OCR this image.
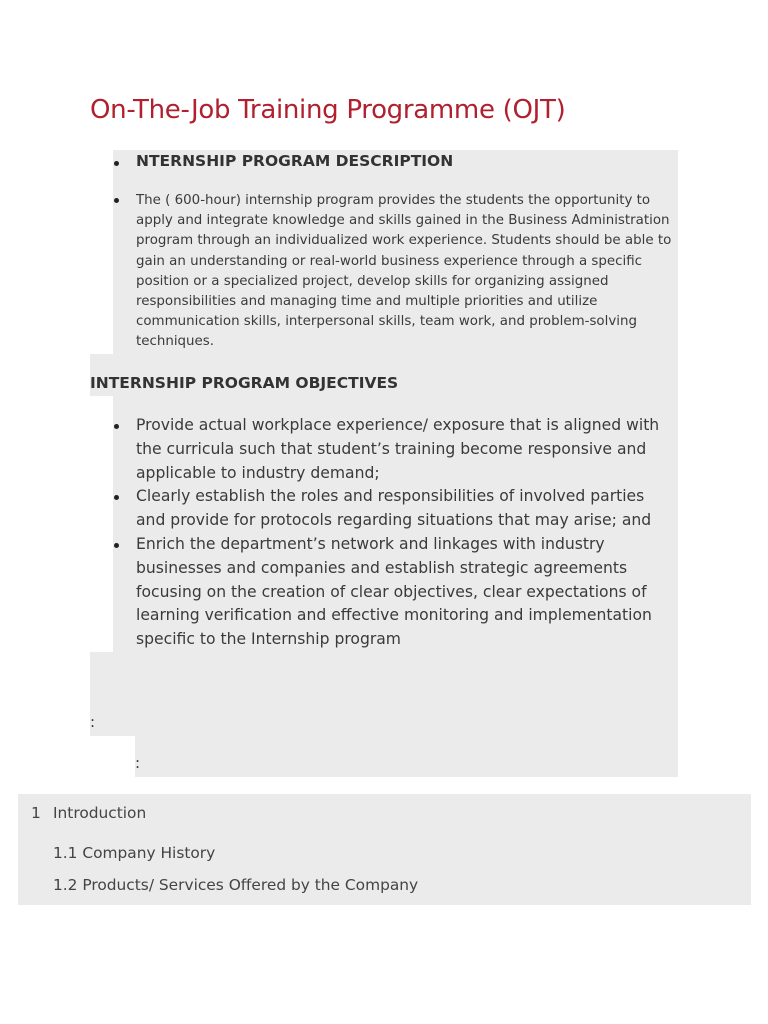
On-The-Job Training Programme (OJT)
NTERNSHIP PROGRAM DESCRIPTION
The ( 600-hour) internship program provides the students the opportunity to apply and integrate knowledge and skills gained in the Business Administration program through an individualized work experience. Students should be able to gain an understanding or real-world business experience through a specific position or a specialized project, develop skills for organizing assigned responsibilities and managing time and multiple priorities and utilize communication skills, interpersonal skills, team work, and problem-solving techniques.
INTERNSHIP PROGRAM OBJECTIVES
Provide actual workplace experience/ exposure that is aligned with the curricula such that student’s training become responsive and applicable to industry demand;
Clearly establish the roles and responsibilities of involved parties and provide for protocols regarding situations that may arise; and
Enrich the department’s network and linkages with industry businesses and companies and establish strategic agreements focusing on the creation of clear objectives, clear expectations of learning verification and effective monitoring and implementation specific to the Internship program
:
:
1 Introduction
1.1 Company History
1.2 Products/ Services Offered by the Company
